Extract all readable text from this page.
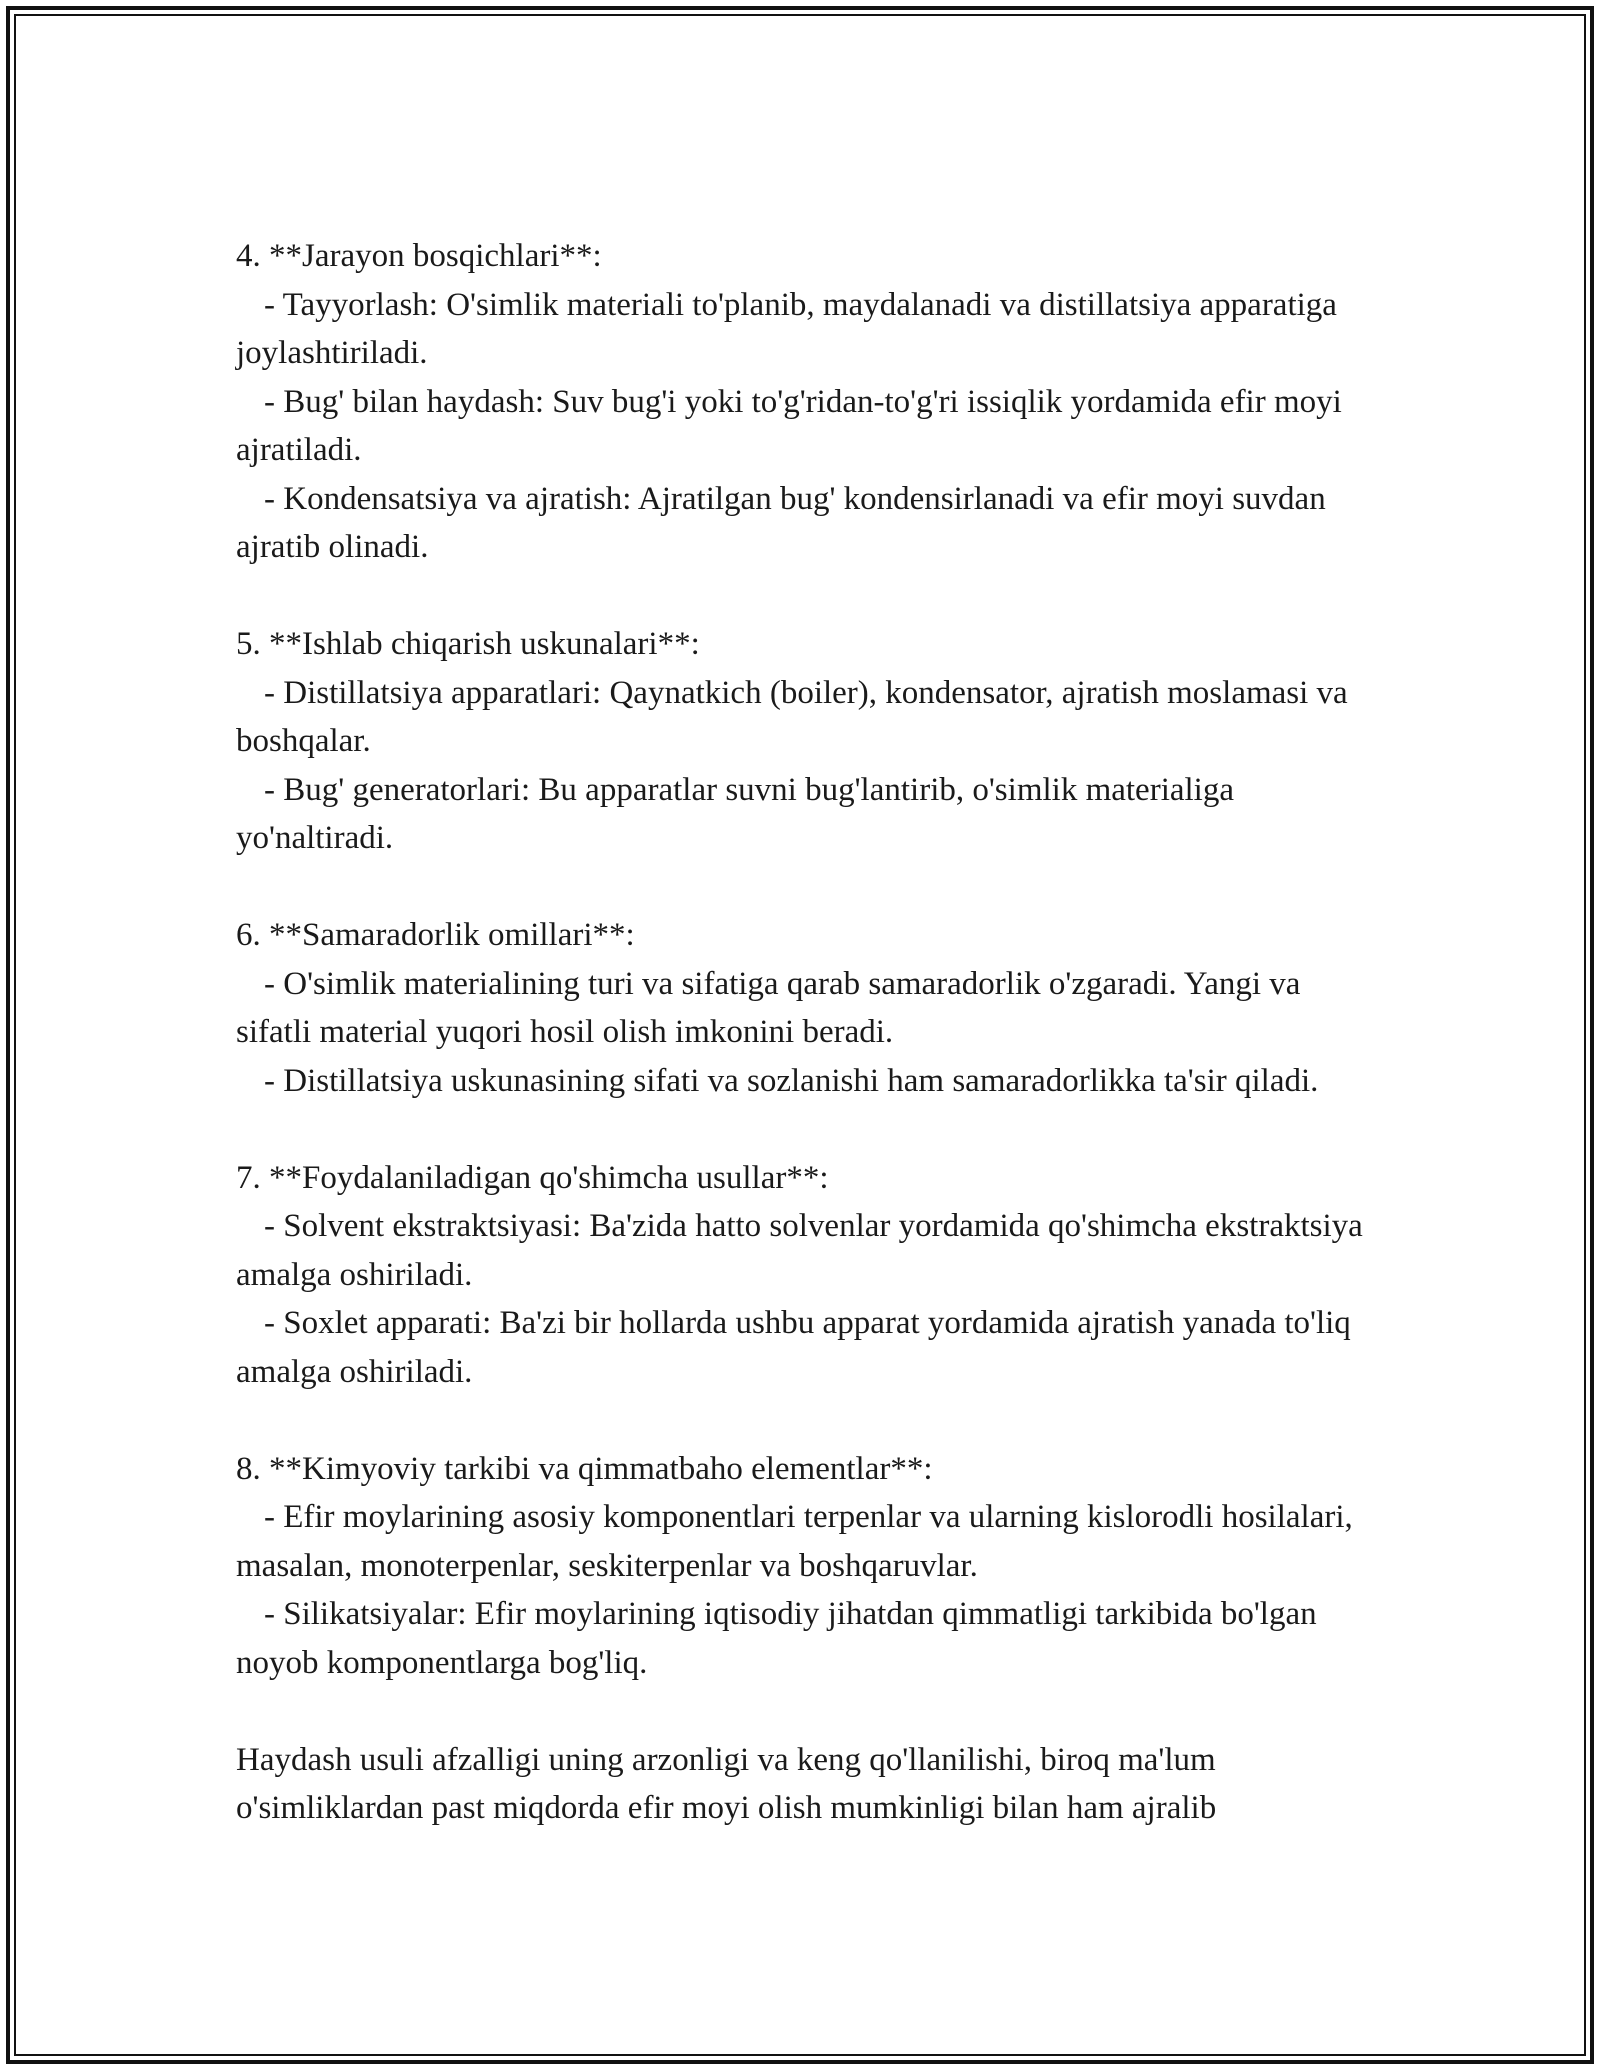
4. **Jarayon bosqichlari**:
- Tayyorlash: O'simlik materiali to'planib, maydalanadi va distillatsiya apparatiga joylashtiriladi.
- Bug' bilan haydash: Suv bug'i yoki to'g'ridan-to'g'ri issiqlik yordamida efir moyi ajratiladi.
- Kondensatsiya va ajratish: Ajratilgan bug' kondensirlanadi va efir moyi suvdan ajratib olinadi.
5. **Ishlab chiqarish uskunalari**:
- Distillatsiya apparatlari: Qaynatkich (boiler), kondensator, ajratish moslamasi va boshqalar.
- Bug' generatorlari: Bu apparatlar suvni bug'lantirib, o'simlik materialiga yo'naltiradi.
6. **Samaradorlik omillari**:
- O'simlik materialining turi va sifatiga qarab samaradorlik o'zgaradi. Yangi va sifatli material yuqori hosil olish imkonini beradi.
- Distillatsiya uskunasining sifati va sozlanishi ham samaradorlikka ta'sir qiladi.
7. **Foydalaniladigan qo'shimcha usullar**:
- Solvent ekstraktsiyasi: Ba'zida hatto solvenlar yordamida qo'shimcha ekstraktsiya amalga oshiriladi.
- Soxlet apparati: Ba'zi bir hollarda ushbu apparat yordamida ajratish yanada to'liq amalga oshiriladi.
8. **Kimyoviy tarkibi va qimmatbaho elementlar**:
- Efir moylarining asosiy komponentlari terpenlar va ularning kislorodli hosilalari, masalan, monoterpenlar, seskiterpenlar va boshqaruvlar.
- Silikatsiyalar: Efir moylarining iqtisodiy jihatdan qimmatligi tarkibida bo'lgan noyob komponentlarga bog'liq.

Haydash usuli afzalligi uning arzonligi va keng qo'llanilishi, biroq ma'lum o'simliklardan past miqdorda efir moyi olish mumkinligi bilan ham ajralib
